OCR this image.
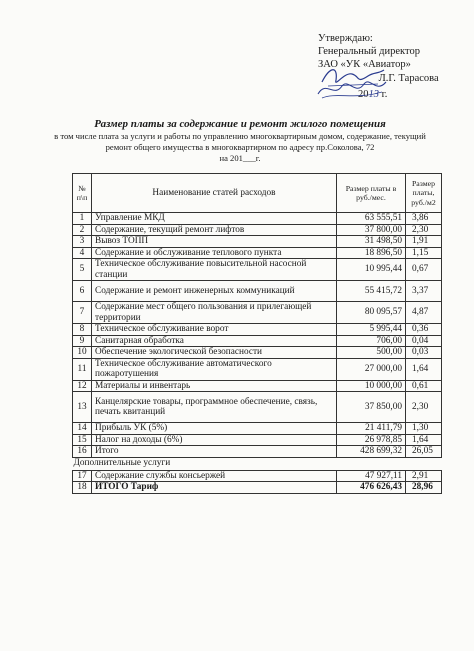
Утверждаю:
Генеральный директор
ЗАО «УК «Авиатор»
Л.Г. Тарасова
2013 г.
Размер платы за содержание и ремонт жилого помещения
в том числе плата за услуги и работы по управлению многоквартирным домом, содержание, текущий
ремонт общего имущества в многоквартирном по адресу пр.Соколова, 72
на 201___г.
№ п\п	Наименование статей расходов	Размер платы в руб./мес.	Размер платы, руб./м2
1	Управление МКД	63 555,51	3,86
2	Содержание, текущий ремонт лифтов	37 800,00	2,30
3	Вывоз ТОПП	31 498,50	1,91
4	Содержание и обслуживание теплового пункта	18 896,50	1,15
5	Техническое обслуживание повысительной насосной станции	10 995,44	0,67
6	Содержание и ремонт инженерных коммуникаций	55 415,72	3,37
7	Содержание мест общего пользования и прилегающей территории	80 095,57	4,87
8	Техническое обслуживание ворот	5 995,44	0,36
9	Санитарная обработка	706,00	0,04
10	Обеспечение экологической безопасности	500,00	0,03
11	Техническое обслуживание автоматического пожаротушения	27 000,00	1,64
12	Материалы и инвентарь	10 000,00	0,61
13	Канцелярские товары, программное обеспечение, связь, печать квитанций	37 850,00	2,30
14	Прибыль УК (5%)	21 411,79	1,30
15	Налог на доходы (6%)	26 978,85	1,64
16	Итого	428 699,32	26,05
Дополнительные услуги			
17	Содержание службы консьержей	47 927,11	2,91
18	ИТОГО Тариф	476 626,43	28,96
